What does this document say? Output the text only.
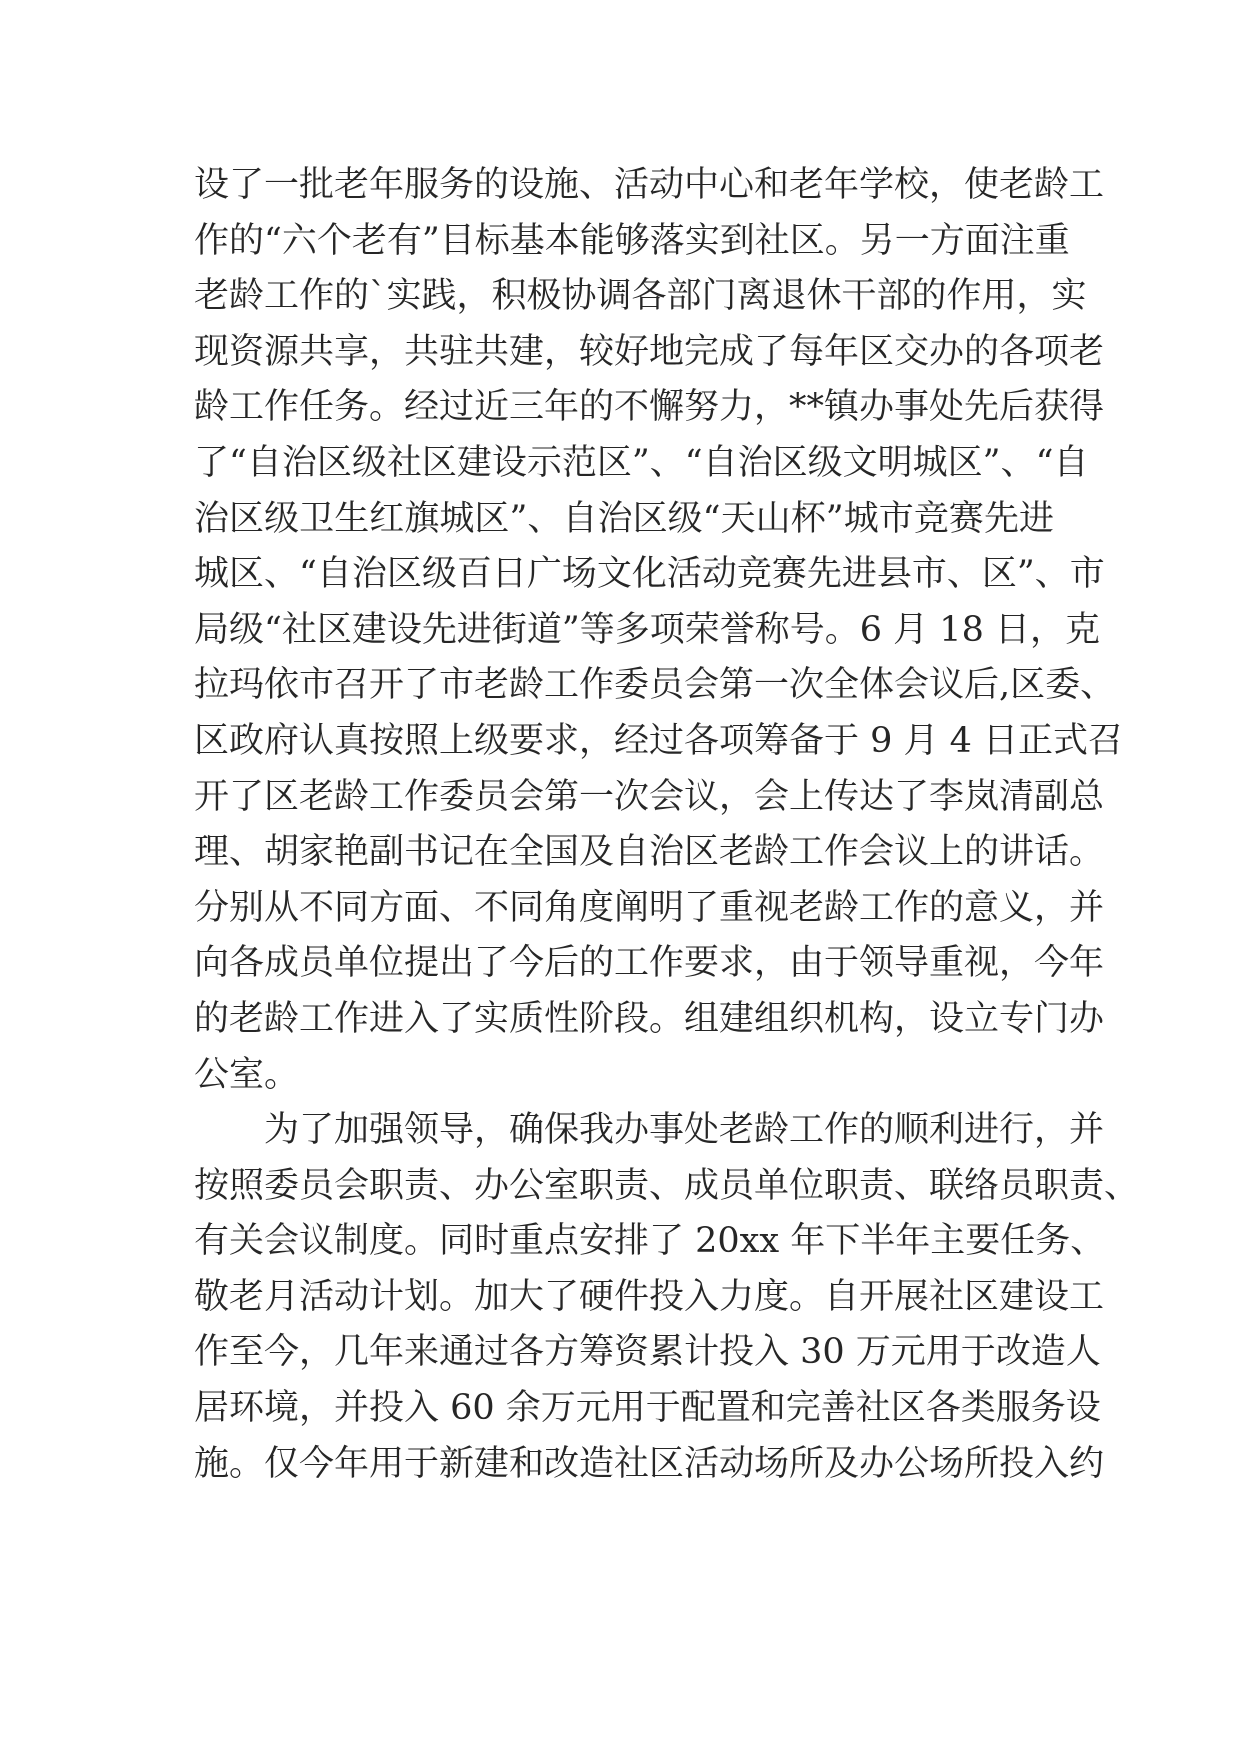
设了一批老年服务的设施、活动中心和老年学校，使老龄工
作的“六个老有”目标基本能够落实到社区。另一方面注重
老龄工作的`实践，积极协调各部门离退休干部的作用，实
现资源共享，共驻共建，较好地完成了每年区交办的各项老
龄工作任务。经过近三年的不懈努力，**镇办事处先后获得
了“自治区级社区建设示范区”、“自治区级文明城区”、“自
治区级卫生红旗城区”、自治区级“天山杯”城市竞赛先进
城区、“自治区级百日广场文化活动竞赛先进县市、区”、市
局级“社区建设先进街道”等多项荣誉称号。6 月 18 日，克
拉玛依市召开了市老龄工作委员会第一次全体会议后,区委、
区政府认真按照上级要求，经过各项筹备于 9 月 4 日正式召
开了区老龄工作委员会第一次会议，会上传达了李岚清副总
理、胡家艳副书记在全国及自治区老龄工作会议上的讲话。
分别从不同方面、不同角度阐明了重视老龄工作的意义，并
向各成员单位提出了今后的工作要求，由于领导重视，今年
的老龄工作进入了实质性阶段。组建组织机构，设立专门办
公室。
为了加强领导，确保我办事处老龄工作的顺利进行，并
按照委员会职责、办公室职责、成员单位职责、联络员职责、
有关会议制度。同时重点安排了 20xx 年下半年主要任务、
敬老月活动计划。加大了硬件投入力度。自开展社区建设工
作至今，几年来通过各方筹资累计投入 30 万元用于改造人
居环境，并投入 60 余万元用于配置和完善社区各类服务设
施。仅今年用于新建和改造社区活动场所及办公场所投入约
